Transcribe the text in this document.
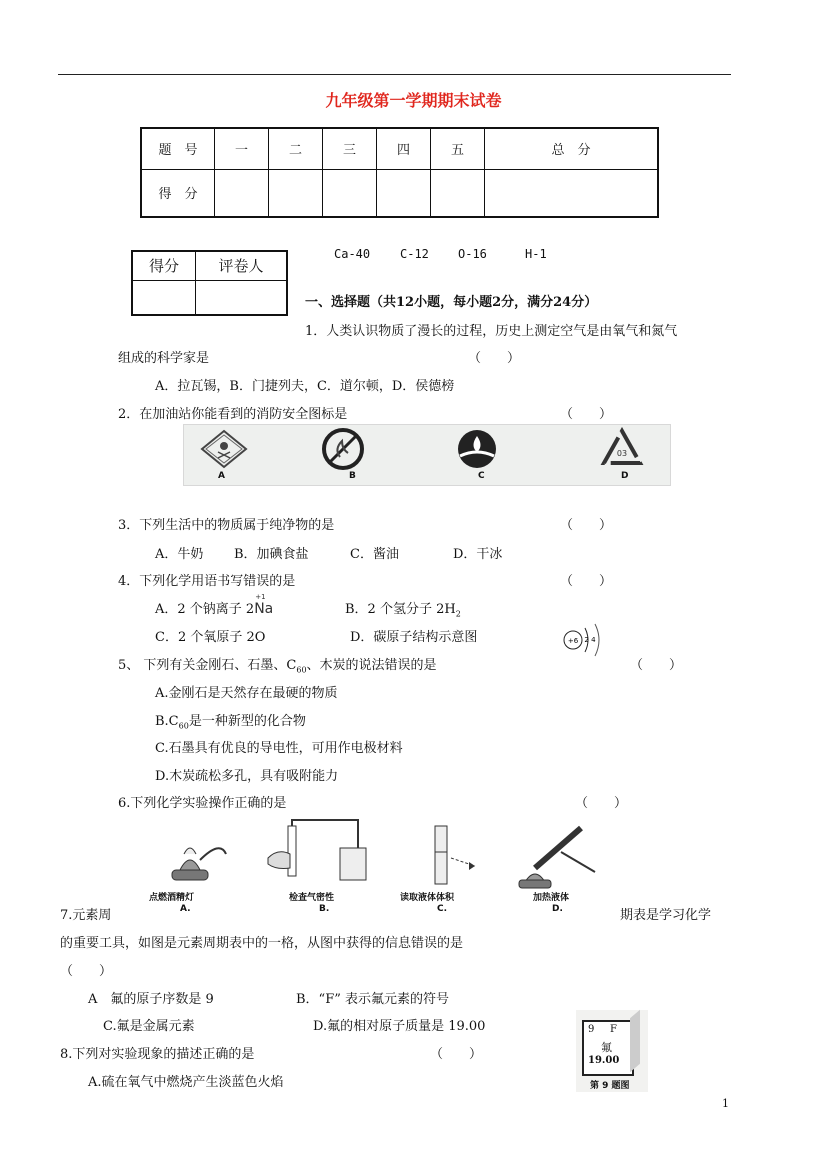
九年级第一学期期末试卷
题　号	一	二	三	四	五	总　分
得　分						
得分	评卷人

Ca-40 C-12 O-16	H-1
一、选择题（共12小题，每小题2分，满分24分）
1．人类认识物质了漫长的过程，历史上测定空气是由氧气和氮气
组成的科学家是	（　　）
A．拉瓦锡，B．门捷列夫，C．道尔顿，D．侯德榜
2．在加油站你能看到的消防安全图标是	（　　）
03
A	B	C	D
3．下列生活中的物质属于纯净物的是	（　　）
A．牛奶 B．加碘食盐	C．酱油	D．干冰
4．下列化学用语书写错误的是	（　　）
A．2 个钠离子 2
+1
Na	B．2 个氢分子 $2H_2$
C．2 个氧原子 2O	D．碳原子结构示意图	+6 2 4
5、 下列有关金刚石、石墨、$C_{60}$、木炭的说法错误的是	（　　）
A.金刚石是天然存在最硬的物质
$B.C_{60}$是一种新型的化合物
C.石墨具有优良的导电性，可用作电极材料
D.木炭疏松多孔，具有吸附能力
6.下列化学实验操作正确的是	（　　）
点燃酒精灯	检查气密性	读取液体体积	加热液体
A.	B.	C.	D.
7.元素周	期表是学习化学
的重要工具，如图是元素周期表中的一格，从图中获得的信息错误的是
（　　）
A　氟的原子序数是 9	B．“F” 表示氟元素的符号
C.氟是金属元素	D.氟的相对原子质量是 19.00	9 F
氟
19.00
第 9 题图
8.下列对实验现象的描述正确的是	（　　）
A.硫在氧气中燃烧产生淡蓝色火焰
1
